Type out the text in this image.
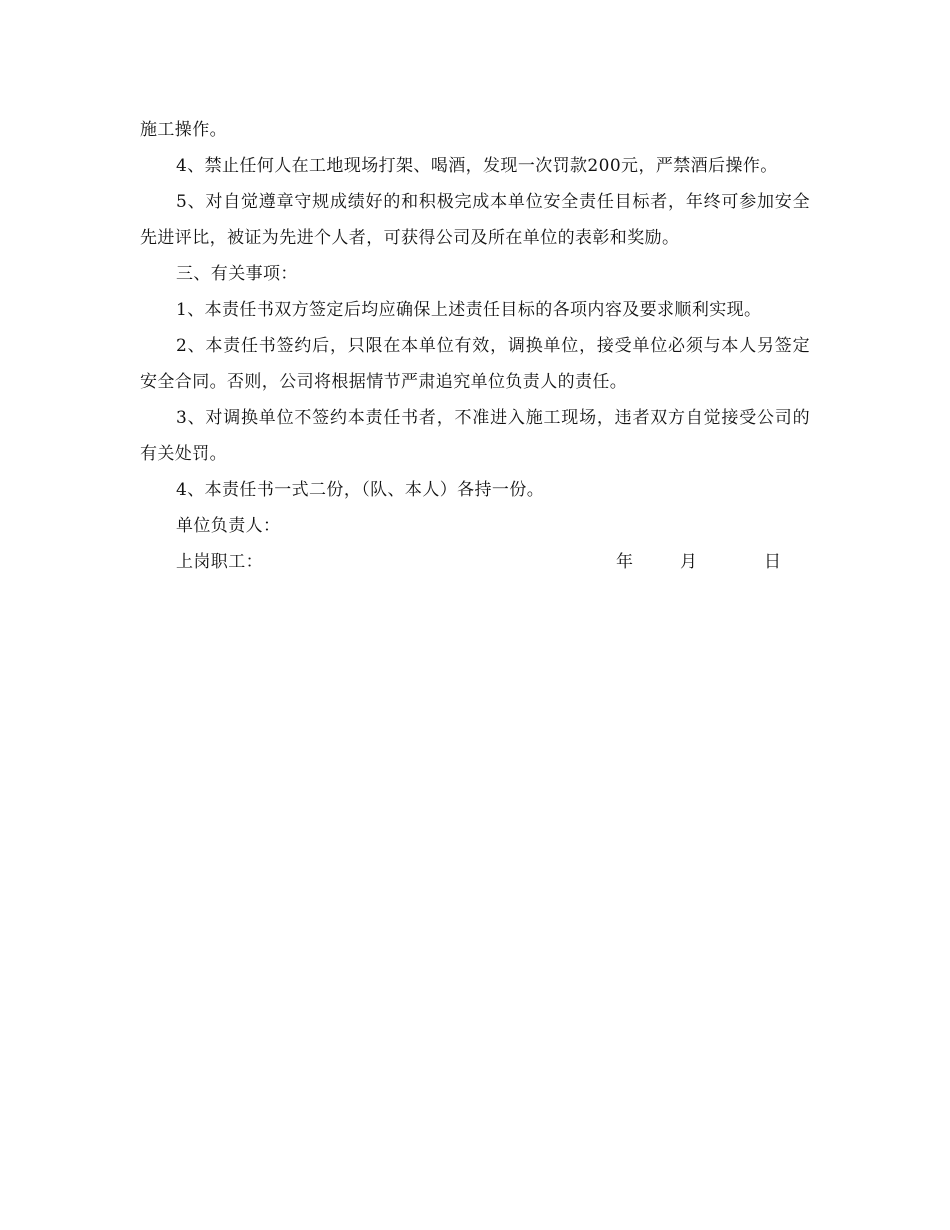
施工操作。

4、禁止任何人在工地现场打架、喝酒，发现一次罚款200元，严禁酒后操作。

5、对自觉遵章守规成绩好的和积极完成本单位安全责任目标者，年终可参加安全先进评比，被证为先进个人者，可获得公司及所在单位的表彰和奖励。

三、有关事项：

1、本责任书双方签定后均应确保上述责任目标的各项内容及要求顺利实现。

2、本责任书签约后，只限在本单位有效，调换单位，接受单位必须与本人另签定安全合同。否则，公司将根据情节严肃追究单位负责人的责任。

3、对调换单位不签约本责任书者，不准进入施工现场，违者双方自觉接受公司的有关处罚。

4、本责任书一式二份，（队、本人）各持一份。

单位负责人：
上岗职工：	年	月	日
